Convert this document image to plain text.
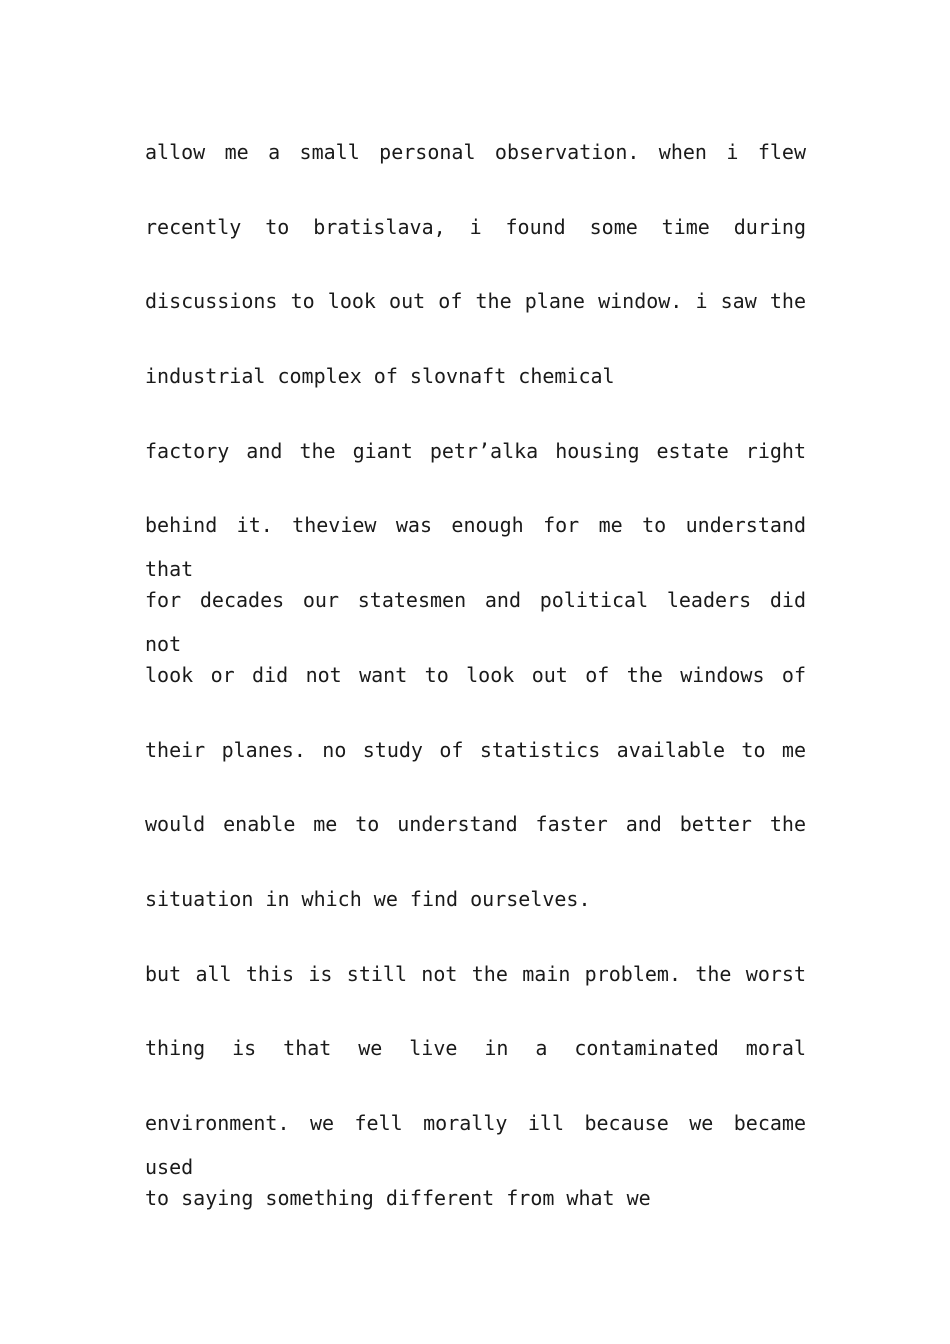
allow me a small personal observation. when i flew
recently to bratislava, i found some time during
discussions to look out of the plane window. i saw the
industrial complex of slovnaft chemical
factory and the giant petr’alka housing estate right
behind it. theview was enough for me to understand that
for decades our statesmen and political leaders did not
look or did not want to look out of the windows of
their planes. no study of statistics available to me
would enable me to understand faster and better the
situation in which we find ourselves.
but all this is still not the main problem. the worst
thing is that we live in a contaminated moral
environment. we fell morally ill because we became used
to saying something different from what we
